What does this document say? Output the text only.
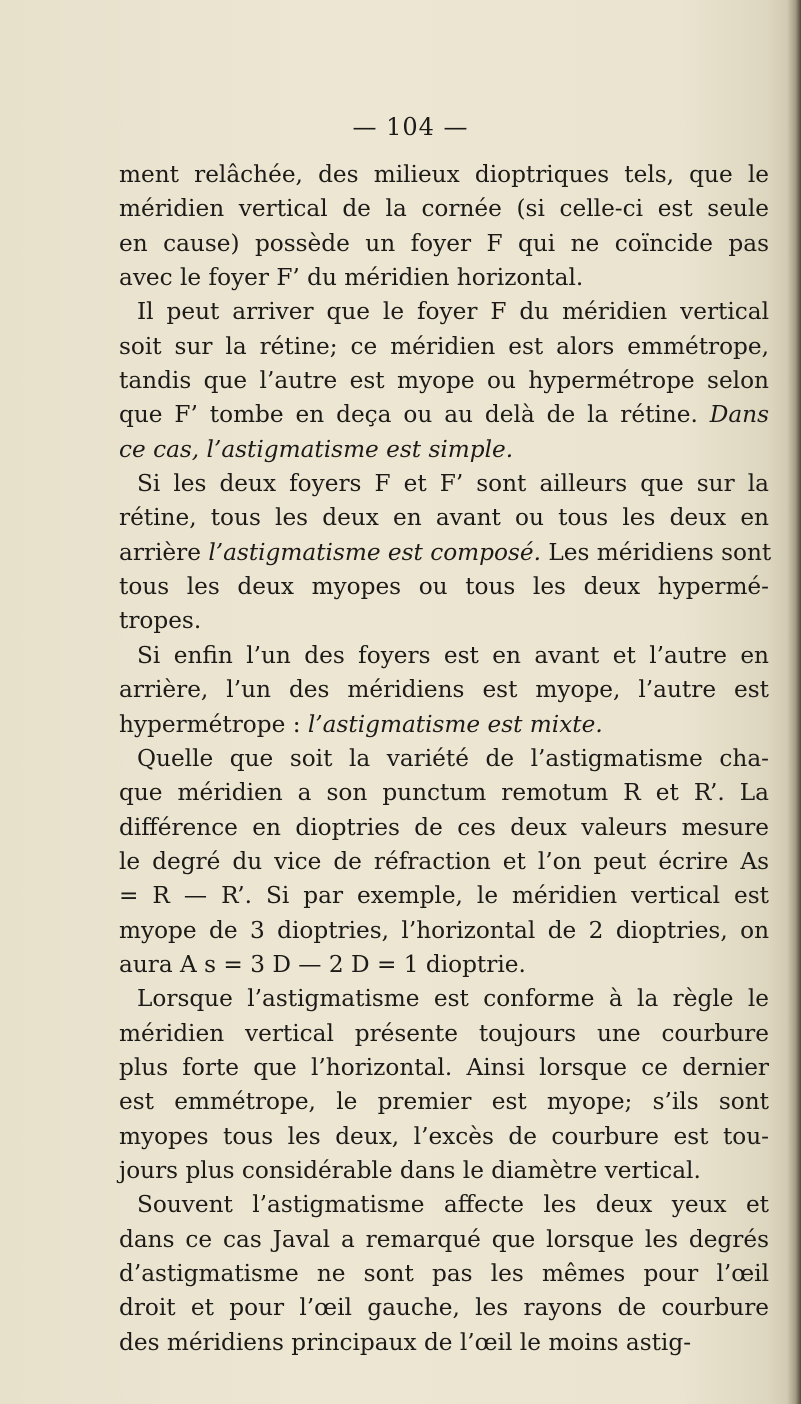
— 104 —
ment relâchée, des milieux dioptriques tels, que le
méridien vertical de la cornée (si celle-ci est seule
en cause) possède un foyer F qui ne coïncide pas
avec le foyer F’ du méridien horizontal.
Il peut arriver que le foyer F du méridien vertical
soit sur la rétine; ce méridien est alors emmétrope,
tandis que l’autre est myope ou hypermétrope selon
que F’ tombe en deça ou au delà de la rétine. Dans
ce cas, l’astigmatisme est simple.
Si les deux foyers F et F’ sont ailleurs que sur la
rétine, tous les deux en avant ou tous les deux en
arrière l’astigmatisme est composé. Les méridiens sont
tous les deux myopes ou tous les deux hypermé-
tropes.
Si enfin l’un des foyers est en avant et l’autre en
arrière, l’un des méridiens est myope, l’autre est
hypermétrope : l’astigmatisme est mixte.
Quelle que soit la variété de l’astigmatisme cha-
que méridien a son punctum remotum R et R’. La
différence en dioptries de ces deux valeurs mesure
le degré du vice de réfraction et l’on peut écrire As
= R — R’. Si par exemple, le méridien vertical est
myope de 3 dioptries, l’horizontal de 2 dioptries, on
aura A s = 3 D — 2 D = 1 dioptrie.
Lorsque l’astigmatisme est conforme à la règle le
méridien vertical présente toujours une courbure
plus forte que l’horizontal. Ainsi lorsque ce dernier
est emmétrope, le premier est myope; s’ils sont
myopes tous les deux, l’excès de courbure est tou-
jours plus considérable dans le diamètre vertical.
Souvent l’astigmatisme affecte les deux yeux et
dans ce cas Javal a remarqué que lorsque les degrés
d’astigmatisme ne sont pas les mêmes pour l’œil
droit et pour l’œil gauche, les rayons de courbure
des méridiens principaux de l’œil le moins astig-
